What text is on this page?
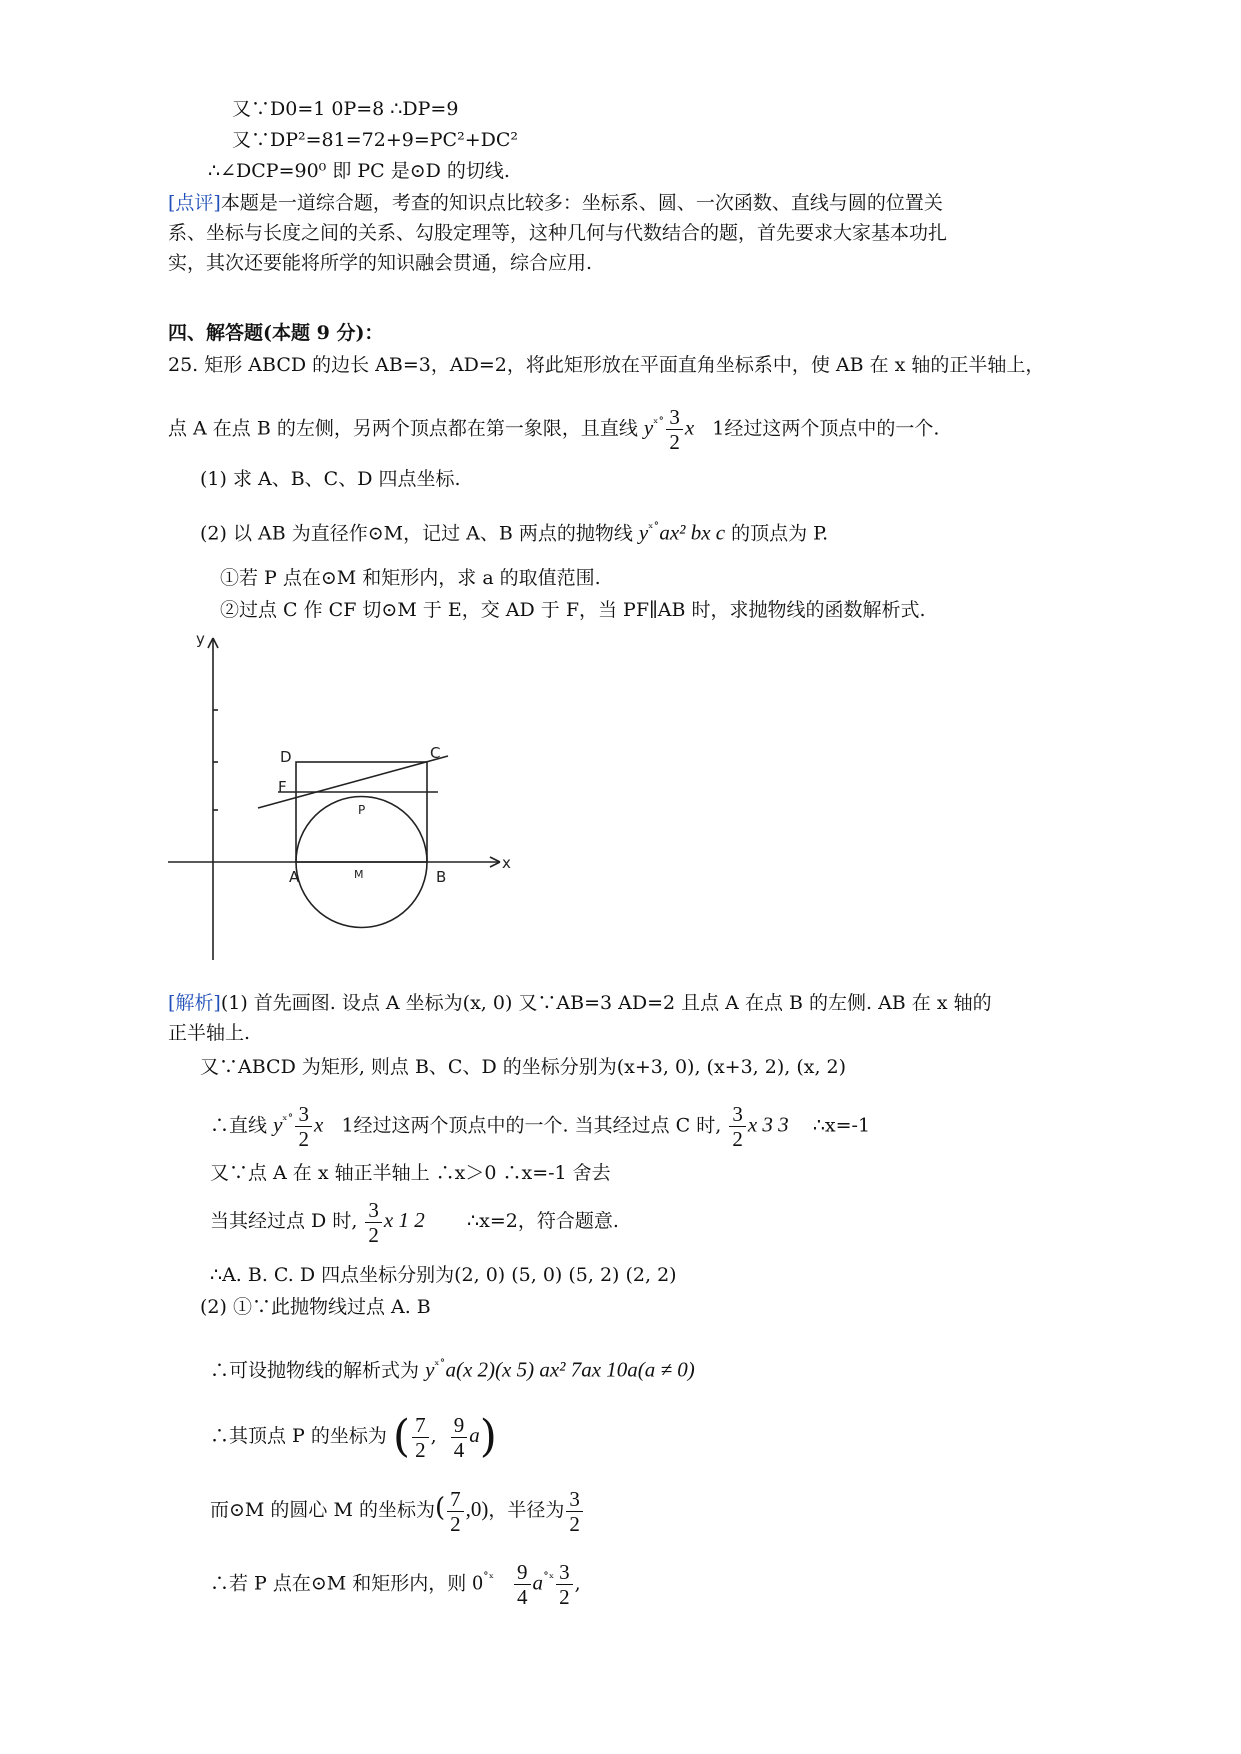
又∵D0=1 0P=8 ∴DP=9
又∵DP²=81=72+9=PC²+DC²
∴∠DCP=90⁰ 即 PC 是⊙D 的切线.
[点评]本题是一道综合题，考查的知识点比较多：坐标系、圆、一次函数、直线与圆的位置关
系、坐标与长度之间的关系、勾股定理等，这种几何与代数结合的题，首先要求大家基本功扎
实，其次还要能将所学的知识融会贯通，综合应用.
四、解答题(本题 9 分)：
25. 矩形 ABCD 的边长 AB=3，AD=2，将此矩形放在平面直角坐标系中，使 AB 在 x 轴的正半轴上，
点 A 在点 B 的左侧，另两个顶点都在第一象限，且直线 $y^{ˣ˚} \frac{3}{2}$ x 1经过这两个顶点中的一个.
(1) 求 A、B、C、D 四点坐标.
(2) 以 AB 为直径作⊙M，记过 A、B 两点的抛物线 $y^{ˣ˚}ax^2$ bx c 的顶点为 P.
①若 P 点在⊙M 和矩形内，求 a 的取值范围.
②过点 C 作 CF 切⊙M 于 E，交 AD 于 F，当 PF∥AB 时，求抛物线的函数解析式.
y
x
D	C
F
P
A	M	B
[解析](1) 首先画图. 设点 A 坐标为(x, 0) 又∵AB=3 AD=2 且点 A 在点 B 的左侧. AB 在 x 轴的
正半轴上.
又∵ABCD 为矩形, 则点 B、C、D 的坐标分别为(x+3, 0), (x+3, 2), (x, 2)
∴直线 $y^{ˣ˚} \frac{3}{2}$ x 1经过这两个顶点中的一个. 当其经过点 C 时, $\frac{3}{2}$ x 3 3 ∴x=-1
又∵点 A 在 x 轴正半轴上 ∴x＞0 ∴x=-1 舍去
当其经过点 D 时, $\frac{3}{2}$ x 1 2 ∴x=2，符合题意.
∴A. B. C. D 四点坐标分别为(2, 0) (5, 0) (5, 2) (2, 2)
(2) ①∵此抛物线过点 A. B
∴可设抛物线的解析式为 $y^{ˣ˚}a(x$ 2)(x 5) ax² 7ax 10a(a ≠ 0)
∴其顶点 P 的坐标为 ( $\frac{7}{2}$ , $\frac{9}{4} a$)
而⊙M 的圆心 M 的坐标为( $\frac{7}{2} ,0$)，半径为 $\frac{3}{2}$
∴若 P 点在⊙M 和矩形内，则 $0^{˚ˣ} \frac{9}{4} a^{˚ˣ} \frac{3}{2}$ ,
